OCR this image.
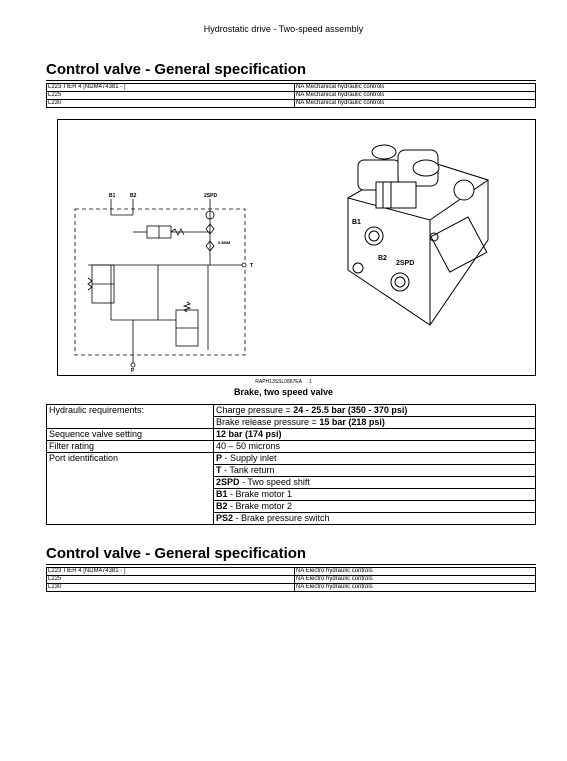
Hydrostatic drive - Two-speed assembly
Control valve - General specification
L223 TIER 4 [NDM474381 - ]	NA Mechanical hydraulic controls
L225	NA Mechanical hydraulic controls
L230	NA Mechanical hydraulic controls
B1	B2	2SPD
T
P
0.8MM
B1
B2
2SPD
RAPH13SSL0867EA 1
Brake, two speed valve
Hydraulic requirements:	Charge pressure = 24 - 25.5 bar (350 - 370 psi)
	Brake release pressure = 15 bar (218 psi)
Sequence valve setting	12 bar (174 psi)
Filter rating	40 – 50 microns
Port identification	P - Supply inlet
	T - Tank return
	2SPD - Two speed shift
	B1 - Brake motor 1
	B2 - Brake motor 2
	PS2 - Brake pressure switch
Control valve - General specification
L223 TIER 4 [NDM474381 - ]	NA Electro hydraulic controls
L225	NA Electro hydraulic controls
L230	NA Electro hydraulic controls
